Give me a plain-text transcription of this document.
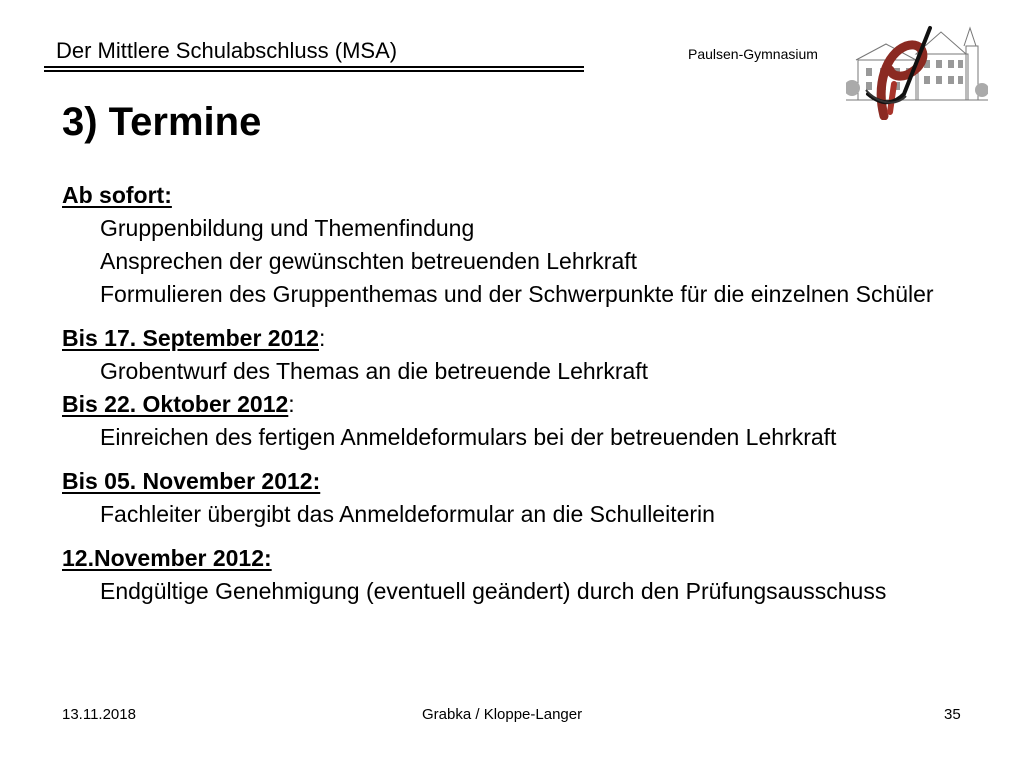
Der Mittlere Schulabschluss (MSA)	Paulsen-Gymnasium
3) Termine

Ab sofort:

Gruppenbildung und Themenfindung

Ansprechen der gewünschten betreuenden Lehrkraft

Formulieren des Gruppenthemas und der Schwerpunkte für die einzelnen Schüler

Bis 17. September 2012:

Grobentwurf des Themas an die betreuende Lehrkraft

Bis 22. Oktober 2012:

Einreichen des fertigen Anmeldeformulars bei der betreuenden Lehrkraft

Bis 05. November 2012:

Fachleiter übergibt das Anmeldeformular an die Schulleiterin

12.November 2012:

Endgültige Genehmigung (eventuell geändert) durch den Prüfungsausschuss

13.11.2018	Grabka / Kloppe-Langer	35
